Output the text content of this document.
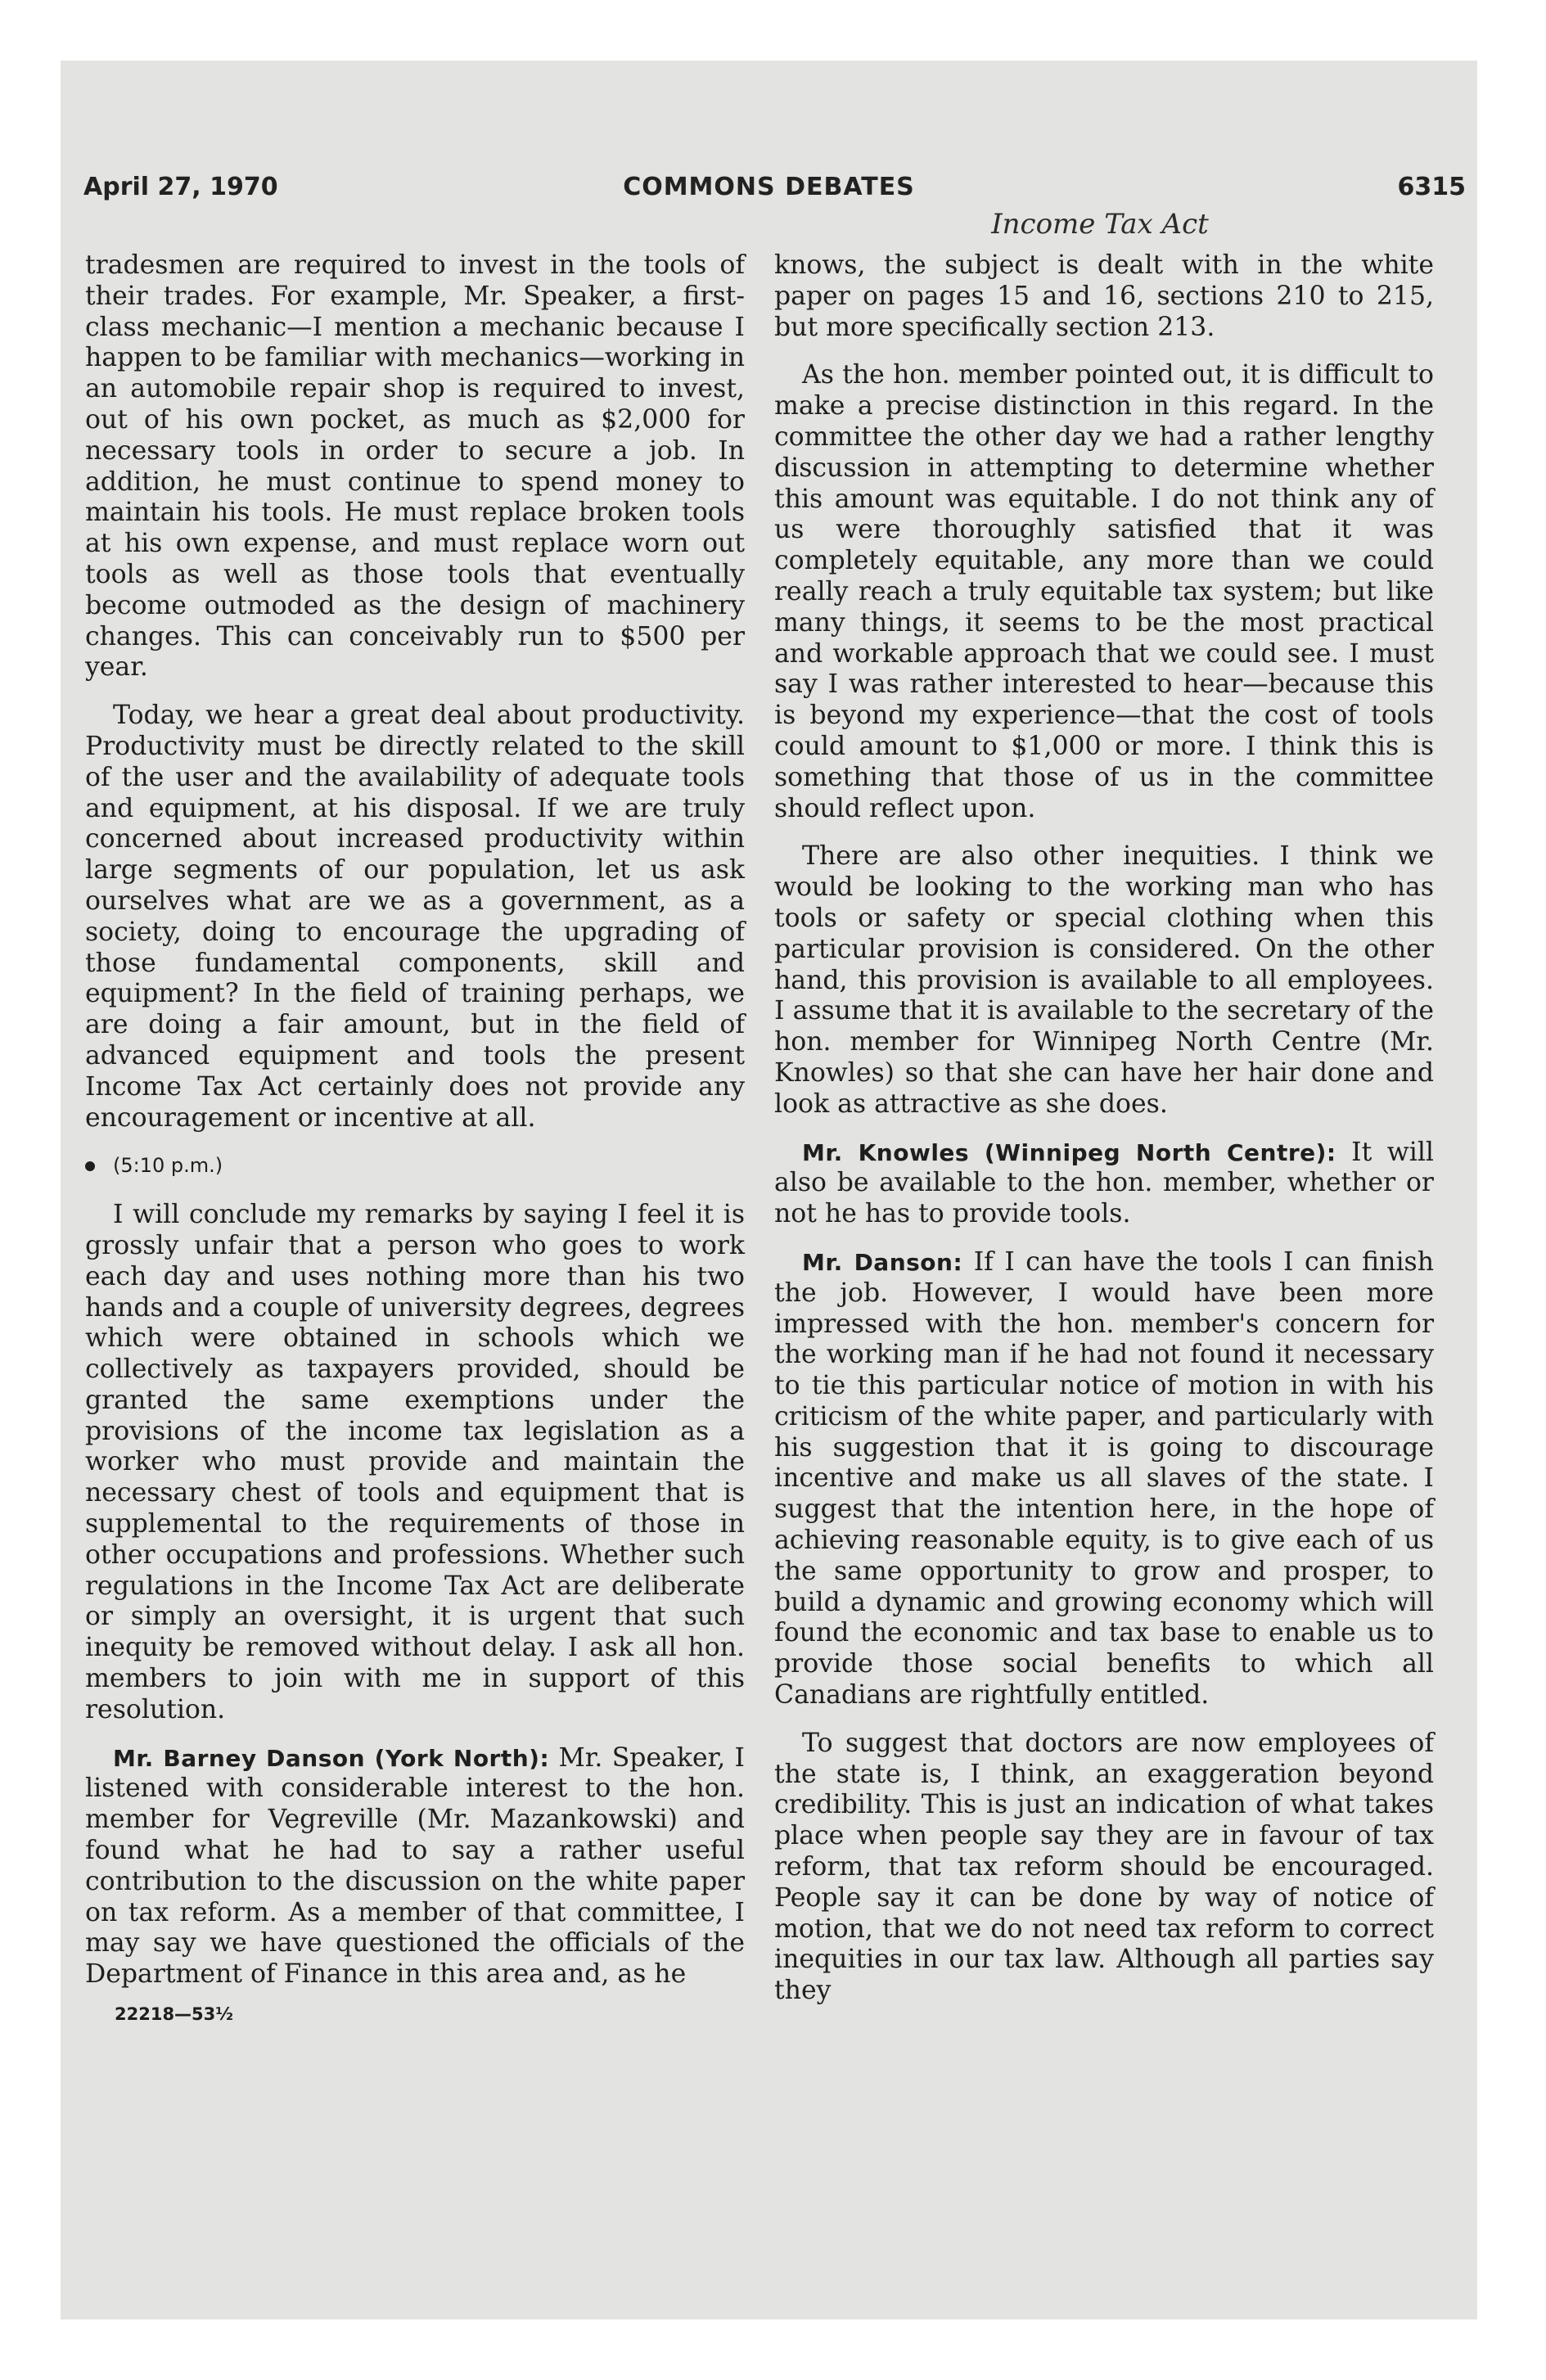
April 27, 1970	COMMONS DEBATES	6315
Income Tax Act

tradesmen are required to invest in the tools of their trades. For example, Mr. Speaker, a first-class mechanic—I mention a mechanic because I happen to be familiar with mechanics—working in an automobile repair shop is required to invest, out of his own pocket, as much as $2,000 for necessary tools in order to secure a job. In addition, he must continue to spend money to maintain his tools. He must replace broken tools at his own expense, and must replace worn out tools as well as those tools that eventually become outmoded as the design of machinery changes. This can conceivably run to $500 per year.

Today, we hear a great deal about productivity. Productivity must be directly related to the skill of the user and the availability of adequate tools and equipment, at his disposal. If we are truly concerned about increased productivity within large segments of our population, let us ask ourselves what are we as a government, as a society, doing to encourage the upgrading of those fundamental components, skill and equipment? In the field of training perhaps, we are doing a fair amount, but in the field of advanced equipment and tools the present Income Tax Act certainly does not provide any encouragement or incentive at all.

(5:10 p.m.)

I will conclude my remarks by saying I feel it is grossly unfair that a person who goes to work each day and uses nothing more than his two hands and a couple of university degrees, degrees which were obtained in schools which we collectively as taxpayers provided, should be granted the same exemptions under the provisions of the income tax legislation as a worker who must provide and maintain the necessary chest of tools and equipment that is supplemental to the requirements of those in other occupations and professions. Whether such regulations in the Income Tax Act are deliberate or simply an oversight, it is urgent that such inequity be removed without delay. I ask all hon. members to join with me in support of this resolution.

Mr. Barney Danson (York North): Mr. Speaker, I listened with considerable interest to the hon. member for Vegreville (Mr. Mazankowski) and found what he had to say a rather useful contribution to the discussion on the white paper on tax reform. As a member of that committee, I may say we have questioned the officials of the Department of Finance in this area and, as he

22218—53½

knows, the subject is dealt with in the white paper on pages 15 and 16, sections 210 to 215, but more specifically section 213.

As the hon. member pointed out, it is difficult to make a precise distinction in this regard. In the committee the other day we had a rather lengthy discussion in attempting to determine whether this amount was equitable. I do not think any of us were thoroughly satisfied that it was completely equitable, any more than we could really reach a truly equitable tax system; but like many things, it seems to be the most practical and workable approach that we could see. I must say I was rather interested to hear—because this is beyond my experience—that the cost of tools could amount to $1,000 or more. I think this is something that those of us in the committee should reflect upon.

There are also other inequities. I think we would be looking to the working man who has tools or safety or special clothing when this particular provision is considered. On the other hand, this provision is available to all employees. I assume that it is available to the secretary of the hon. member for Winnipeg North Centre (Mr. Knowles) so that she can have her hair done and look as attractive as she does.

Mr. Knowles (Winnipeg North Centre): It will also be available to the hon. member, whether or not he has to provide tools.

Mr. Danson: If I can have the tools I can finish the job. However, I would have been more impressed with the hon. member's concern for the working man if he had not found it necessary to tie this particular notice of motion in with his criticism of the white paper, and particularly with his suggestion that it is going to discourage incentive and make us all slaves of the state. I suggest that the intention here, in the hope of achieving reasonable equity, is to give each of us the same opportunity to grow and prosper, to build a dynamic and growing economy which will found the economic and tax base to enable us to provide those social benefits to which all Canadians are rightfully entitled.

To suggest that doctors are now employees of the state is, I think, an exaggeration beyond credibility. This is just an indication of what takes place when people say they are in favour of tax reform, that tax reform should be encouraged. People say it can be done by way of notice of motion, that we do not need tax reform to correct inequities in our tax law. Although all parties say they
